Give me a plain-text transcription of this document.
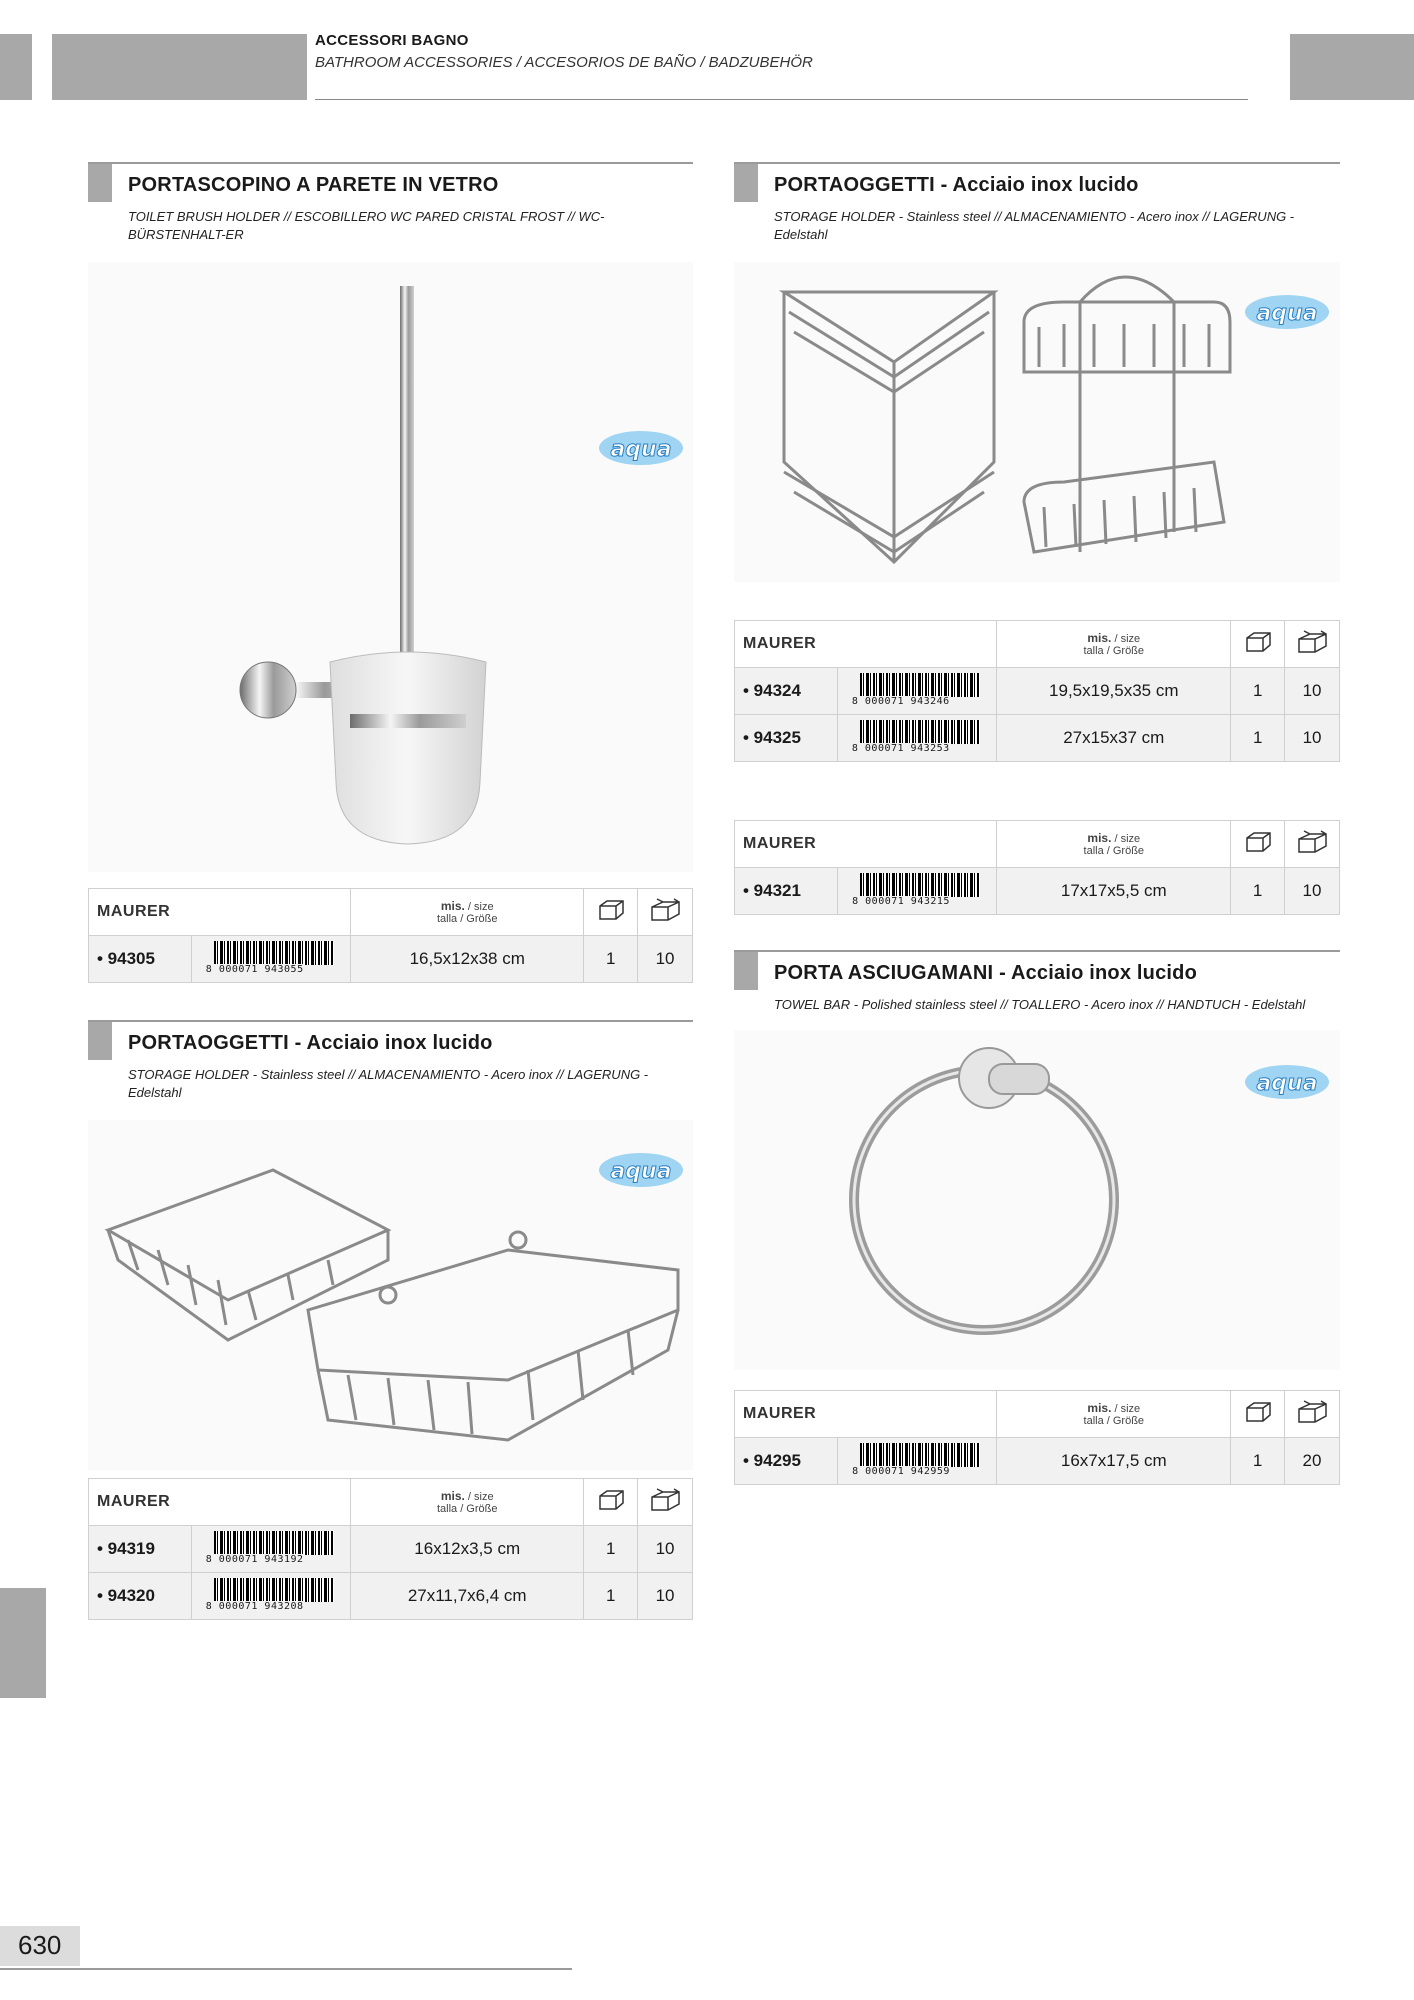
ACCESSORI BAGNO
BATHROOM ACCESSORIES / ACCESORIOS DE BAÑO / BADZUBEHÖR
PORTASCOPINO A PARETE IN VETRO
TOILET BRUSH HOLDER // ESCOBILLERO WC PARED CRISTAL FROST // WC-BÜRSTENHALT-ER
aqua
MAURER		mis. / size
talla / Größe

• 94305	8 000071 943055	16,5x12x38 cm	1	10
PORTAOGGETTI - Acciaio inox lucido
STORAGE HOLDER - Stainless steel // ALMACENAMIENTO - Acero inox // LAGERUNG - Edelstahl
aqua
MAURER		mis. / size
talla / Größe

• 94319	8 000071 943192	16x12x3,5 cm	1	10
• 94320	8 000071 943208	27x11,7x6,4 cm	1	10
PORTAOGGETTI - Acciaio inox lucido
STORAGE HOLDER - Stainless steel // ALMACENAMIENTO - Acero inox // LAGERUNG - Edelstahl
aqua
MAURER		mis. / size
talla / Größe

• 94324	8 000071 943246	19,5x19,5x35 cm	1	10
• 94325	8 000071 943253	27x15x37 cm	1	10
MAURER		mis. / size
talla / Größe

• 94321	8 000071 943215	17x17x5,5 cm	1	10
PORTA ASCIUGAMANI - Acciaio inox lucido
TOWEL BAR - Polished stainless steel // TOALLERO - Acero inox // HANDTUCH - Edelstahl
aqua
MAURER		mis. / size
talla / Größe

• 94295	8 000071 942959	16x7x17,5 cm	1	20
630
